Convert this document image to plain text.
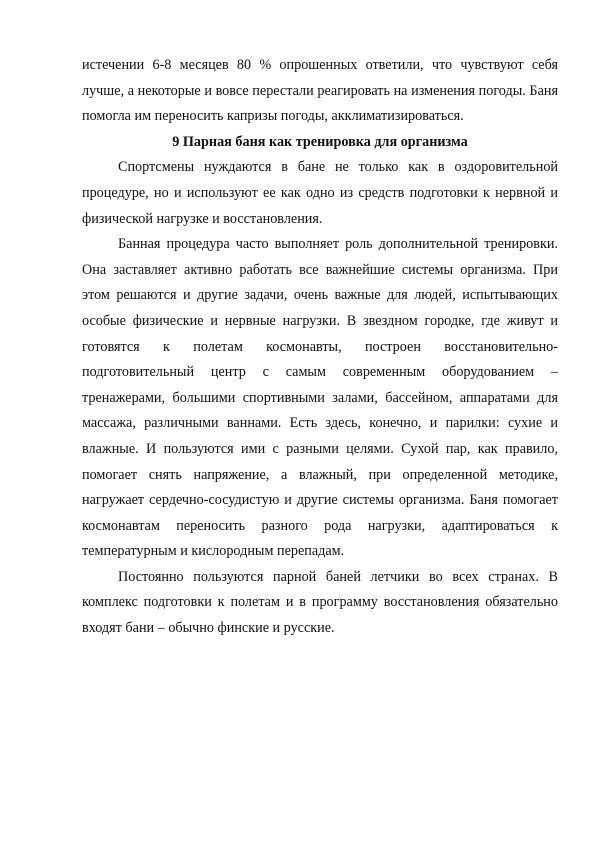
истечении 6-8 месяцев 80 % опрошенных ответили, что чувствуют себя лучше, а некоторые и вовсе перестали реагировать на изменения погоды. Баня помогла им переносить капризы погоды, акклиматизироваться.

9 Парная баня как тренировка для организма

Спортсмены нуждаются в бане не только как в оздоровительной процедуре, но и используют ее как одно из средств подготовки к нервной и физической нагрузке и восстановления.

Банная процедура часто выполняет роль дополнительной тренировки. Она заставляет активно работать все важнейшие системы организма. При этом решаются и другие задачи, очень важные для людей, испытывающих особые физические и нервные нагрузки. В звездном городке, где живут и готовятся к полетам космонавты, построен восстановительно-подготовительный центр с самым современным оборудованием – тренажерами, большими спортивными залами, бассейном, аппаратами для массажа, различными ваннами. Есть здесь, конечно, и парилки: сухие и влажные. И пользуются ими с разными целями. Сухой пар, как правило, помогает снять напряжение, а влажный, при определенной методике, нагружает сердечно-сосудистую и другие системы организма. Баня помогает космонавтам переносить разного рода нагрузки, адаптироваться к температурным и кислородным перепадам.

Постоянно пользуются парной баней летчики во всех странах. В комплекс подготовки к полетам и в программу восстановления обязательно входят бани – обычно финские и русские.
